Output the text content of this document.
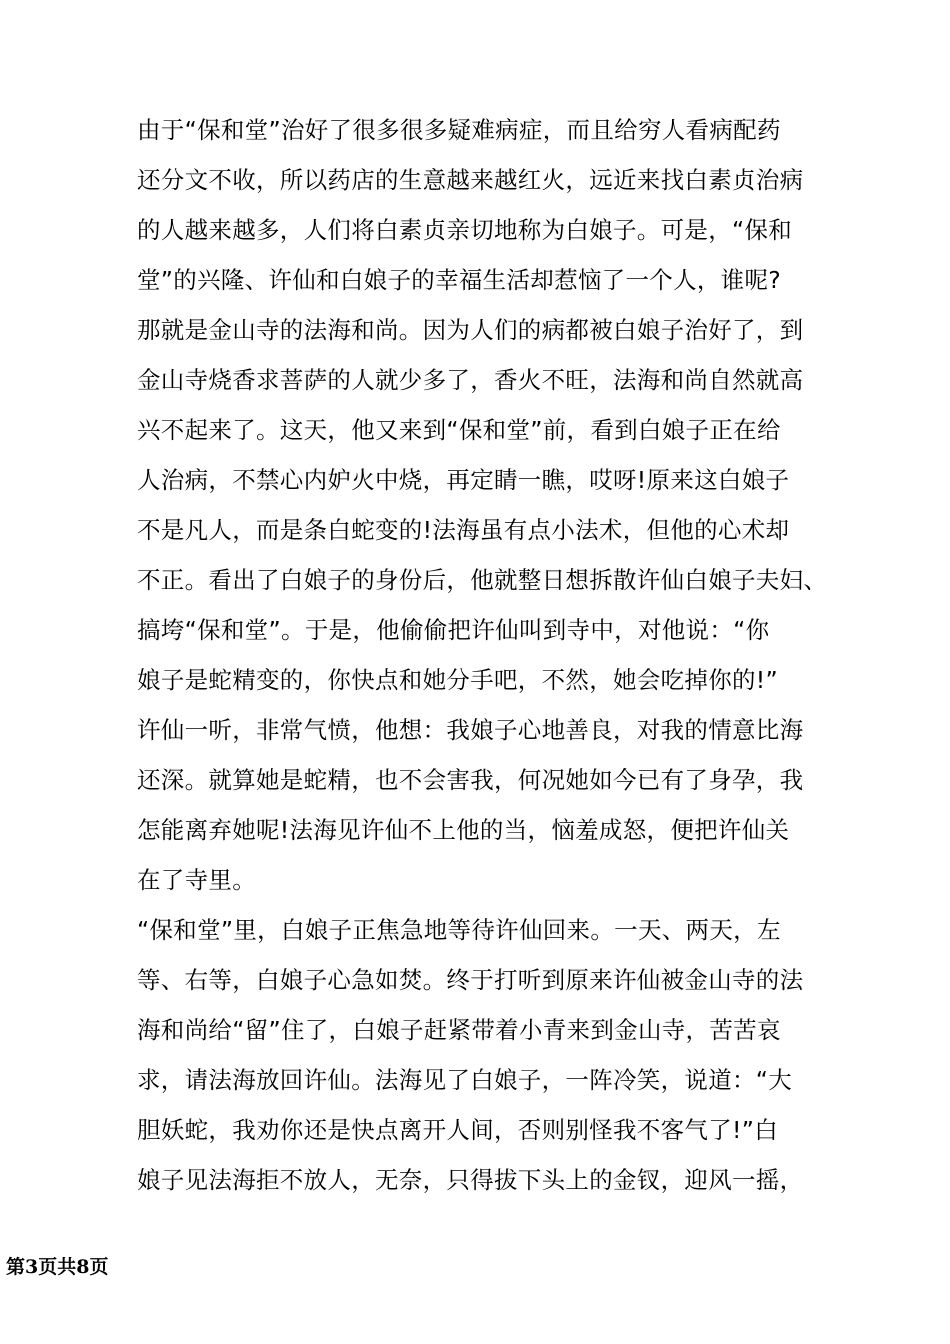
由于“保和堂”治好了很多很多疑难病症，而且给穷人看病配药
还分文不收，所以药店的生意越来越红火，远近来找白素贞治病
的人越来越多，人们将白素贞亲切地称为白娘子。可是，“保和
堂”的兴隆、许仙和白娘子的幸福生活却惹恼了一个人，谁呢?
那就是金山寺的法海和尚。因为人们的病都被白娘子治好了，到
金山寺烧香求菩萨的人就少多了，香火不旺，法海和尚自然就高
兴不起来了。这天，他又来到“保和堂”前，看到白娘子正在给
人治病，不禁心内妒火中烧，再定睛一瞧，哎呀!原来这白娘子
不是凡人，而是条白蛇变的!法海虽有点小法术，但他的心术却
不正。看出了白娘子的身份后，他就整日想拆散许仙白娘子夫妇、
搞垮“保和堂”。于是，他偷偷把许仙叫到寺中，对他说：“你
娘子是蛇精变的，你快点和她分手吧，不然，她会吃掉你的!”
许仙一听，非常气愤，他想：我娘子心地善良，对我的情意比海
还深。就算她是蛇精，也不会害我，何况她如今已有了身孕，我
怎能离弃她呢!法海见许仙不上他的当，恼羞成怒，便把许仙关
在了寺里。
“保和堂”里，白娘子正焦急地等待许仙回来。一天、两天，左
等、右等，白娘子心急如焚。终于打听到原来许仙被金山寺的法
海和尚给“留”住了，白娘子赶紧带着小青来到金山寺，苦苦哀
求，请法海放回许仙。法海见了白娘子，一阵冷笑，说道：“大
胆妖蛇，我劝你还是快点离开人间，否则别怪我不客气了!”白
娘子见法海拒不放人，无奈，只得拔下头上的金钗，迎风一摇，
第3页共8页
